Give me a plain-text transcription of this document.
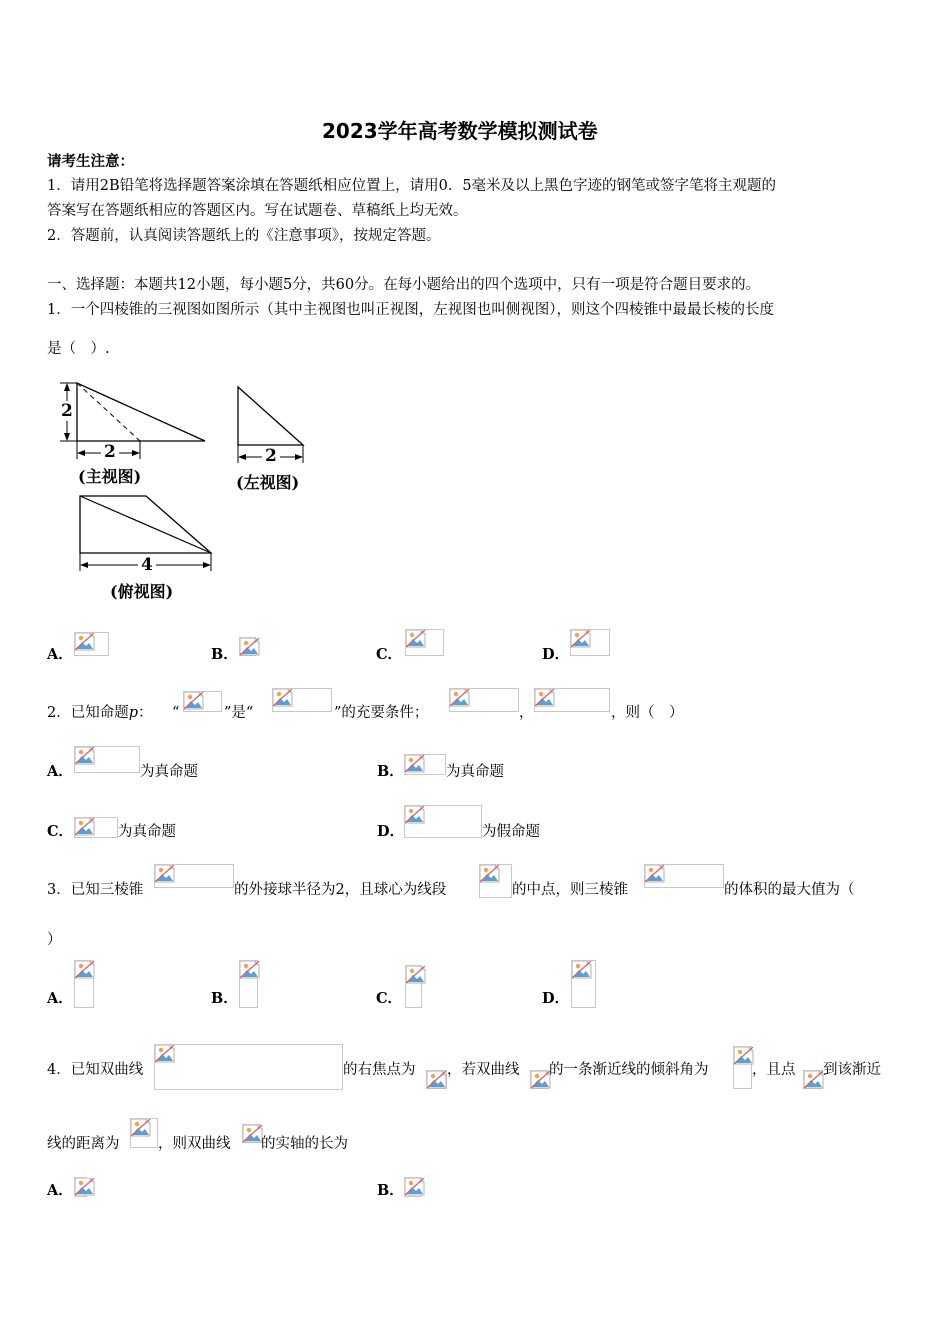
2023学年高考数学模拟测试卷
请考生注意：
1．请用2B铅笔将选择题答案涂填在答题纸相应位置上，请用0．5毫米及以上黑色字迹的钢笔或签字笔将主观题的
答案写在答题纸相应的答题区内。写在试题卷、草稿纸上均无效。
2．答题前，认真阅读答题纸上的《注意事项》，按规定答题。
一、选择题：本题共12小题，每小题5分，共60分。在每小题给出的四个选项中，只有一项是符合题目要求的。
1．一个四棱锥的三视图如图所示（其中主视图也叫正视图，左视图也叫侧视图），则这个四棱锥中最最长棱的长度
是（　）.
2
2
(主视图)
2
(左视图)
4
(俯视图)
A．	B．	C．	D．
2．已知命题p： “	”是“	”的充要条件；	，	，则（　）
A．	为真命题	B．	为真命题
C．	为真命题	D．	为假命题
3．已知三棱锥	的外接球半径为2，且球心为线段	的中点，则三棱锥	的体积的最大值为（
）
A．	B．	C．	D．
4．已知双曲线	的右焦点为 ，若双曲线 的一条渐近线的倾斜角为	，且点 到该渐近
线的距离为	，则双曲线 的实轴的长为
A．	B．
